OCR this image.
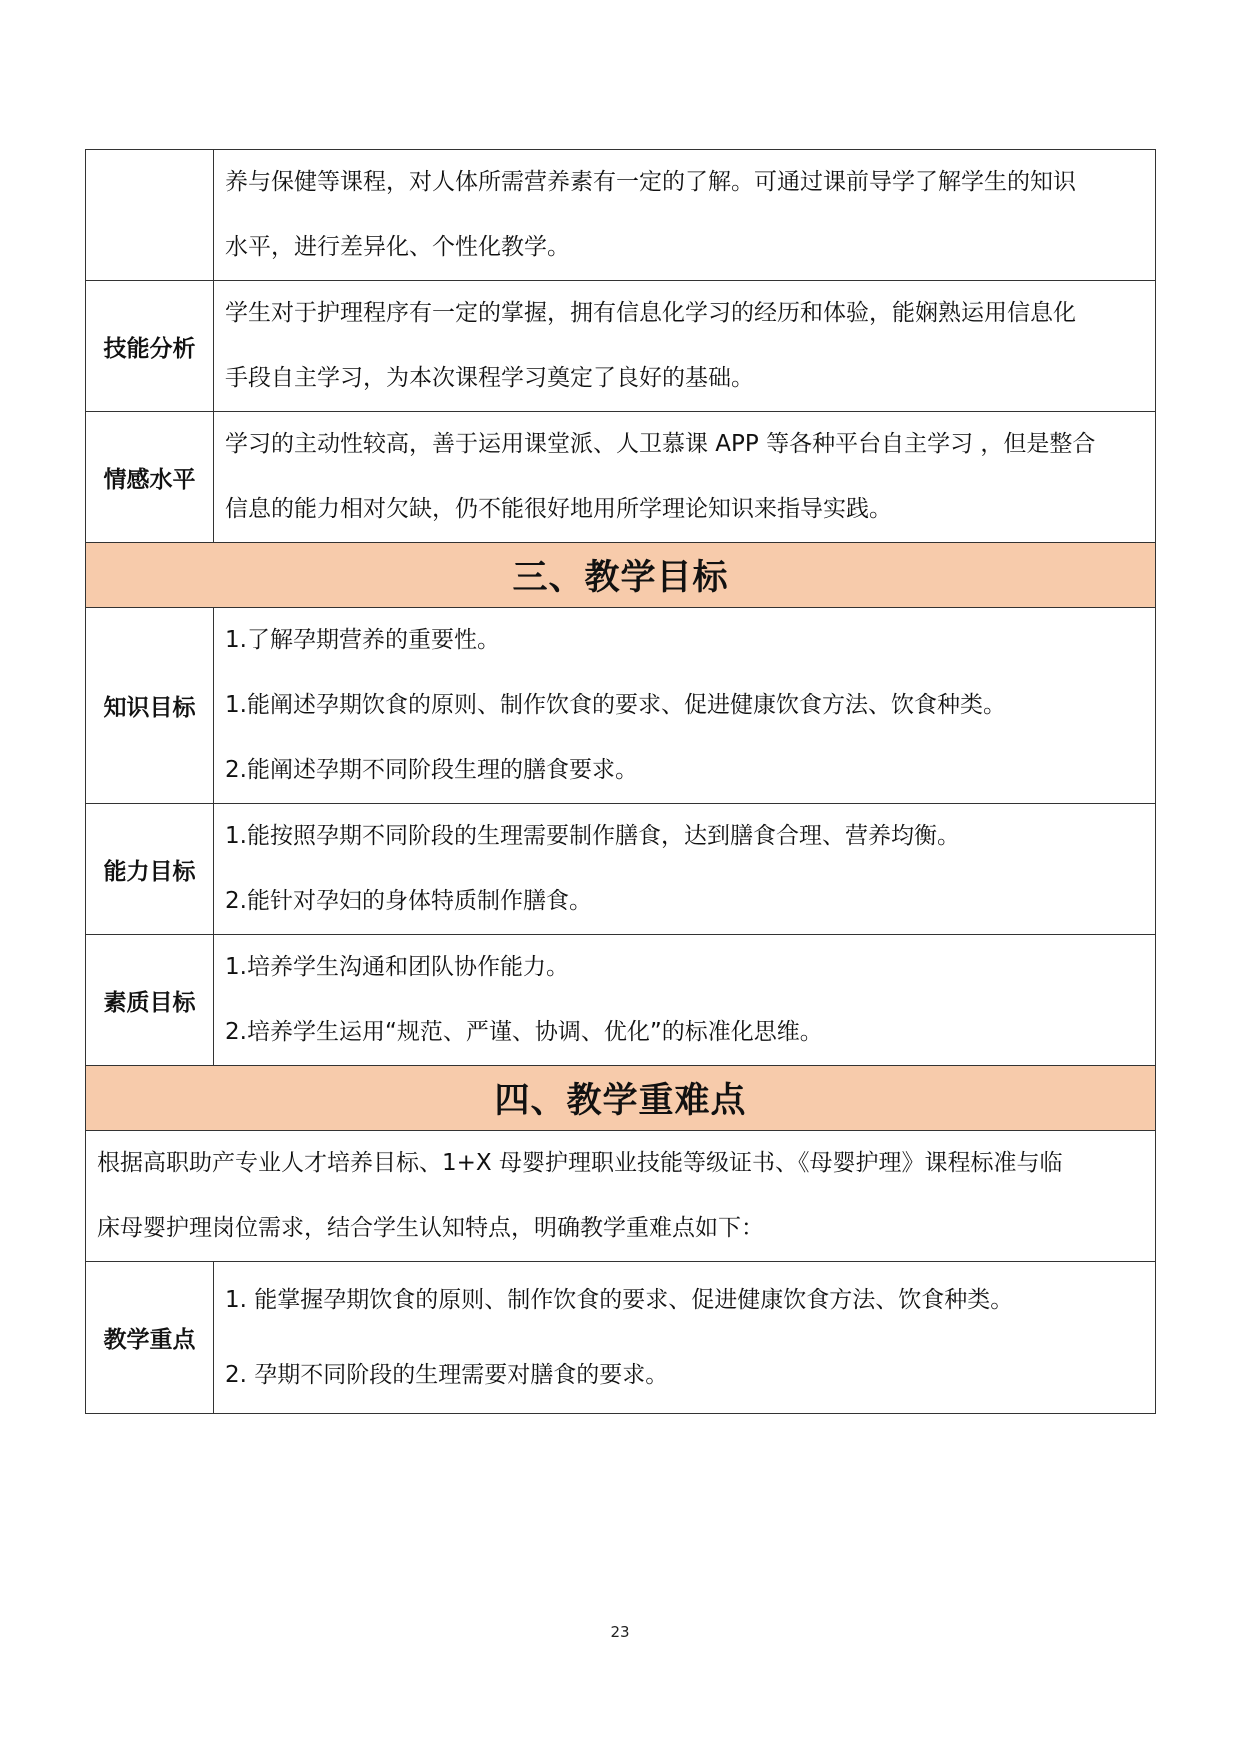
	养与保健等课程，对人体所需营养素有一定的了解。可通过课前导学了解学生的知识
水平，进行差异化、个性化教学。

技能分析	学生对于护理程序有一定的掌握，拥有信息化学习的经历和体验，能娴熟运用信息化
手段自主学习，为本次课程学习奠定了良好的基础。

情感水平	学习的主动性较高，善于运用课堂派、人卫慕课 APP 等各种平台自主学习 ，但是整合
信息的能力相对欠缺，仍不能很好地用所学理论知识来指导实践。

三、教学目标	
知识目标	1.了解孕期营养的重要性。
1.能阐述孕期饮食的原则、制作饮食的要求、促进健康饮食方法、饮食种类。
2.能阐述孕期不同阶段生理的膳食要求。

能力目标	1.能按照孕期不同阶段的生理需要制作膳食，达到膳食合理、营养均衡。
2.能针对孕妇的身体特质制作膳食。

素质目标	1.培养学生沟通和团队协作能力。
2.培养学生运用“规范、严谨、协调、优化”的标准化思维。

四、教学重难点	

根据高职助产专业人才培养目标、1+X 母婴护理职业技能等级证书、《母婴护理》课程标准与临
床母婴护理岗位需求，结合学生认知特点，明确教学重难点如下：	

教学重点	1. 能掌握孕期饮食的原则、制作饮食的要求、促进健康饮食方法、饮食种类。
2. 孕期不同阶段的生理需要对膳食的要求。
23
